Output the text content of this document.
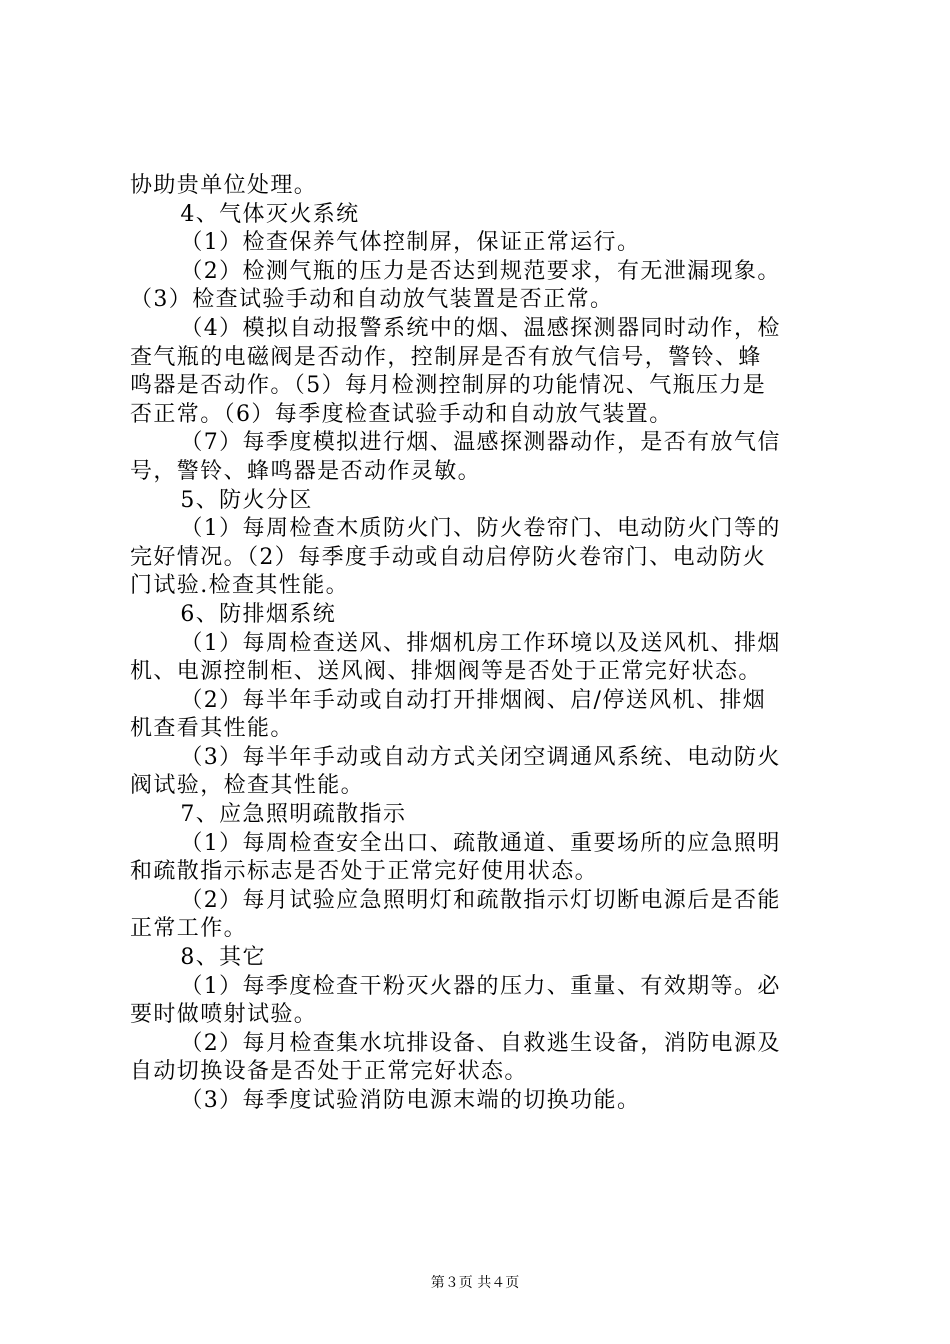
协助贵单位处理。
4、气体灭火系统
（1）检查保养气体控制屏，保证正常运行。
（2）检测气瓶的压力是否达到规范要求，有无泄漏现象。
（3）检查试验手动和自动放气装置是否正常。
（4）模拟自动报警系统中的烟、温感探测器同时动作，检
查气瓶的电磁阀是否动作，控制屏是否有放气信号，警铃、蜂
鸣器是否动作。（5）每月检测控制屏的功能情况、气瓶压力是
否正常。（6）每季度检查试验手动和自动放气装置。
（7）每季度模拟进行烟、温感探测器动作，是否有放气信
号，警铃、蜂鸣器是否动作灵敏。
5、防火分区
（1）每周检查木质防火门、防火卷帘门、电动防火门等的
完好情况。（2）每季度手动或自动启停防火卷帘门、电动防火
门试验.检查其性能。
6、防排烟系统
（1）每周检查送风、排烟机房工作环境以及送风机、排烟
机、电源控制柜、送风阀、排烟阀等是否处于正常完好状态。
（2）每半年手动或自动打开排烟阀、启/停送风机、排烟
机查看其性能。
（3）每半年手动或自动方式关闭空调通风系统、电动防火
阀试验，检查其性能。
7、应急照明疏散指示
（1）每周检查安全出口、疏散通道、重要场所的应急照明
和疏散指示标志是否处于正常完好使用状态。
（2）每月试验应急照明灯和疏散指示灯切断电源后是否能
正常工作。
8、其它
（1）每季度检查干粉灭火器的压力、重量、有效期等。必
要时做喷射试验。
（2）每月检查集水坑排设备、自救逃生设备，消防电源及
自动切换设备是否处于正常完好状态。
（3）每季度试验消防电源末端的切换功能。
第３页 共４页
